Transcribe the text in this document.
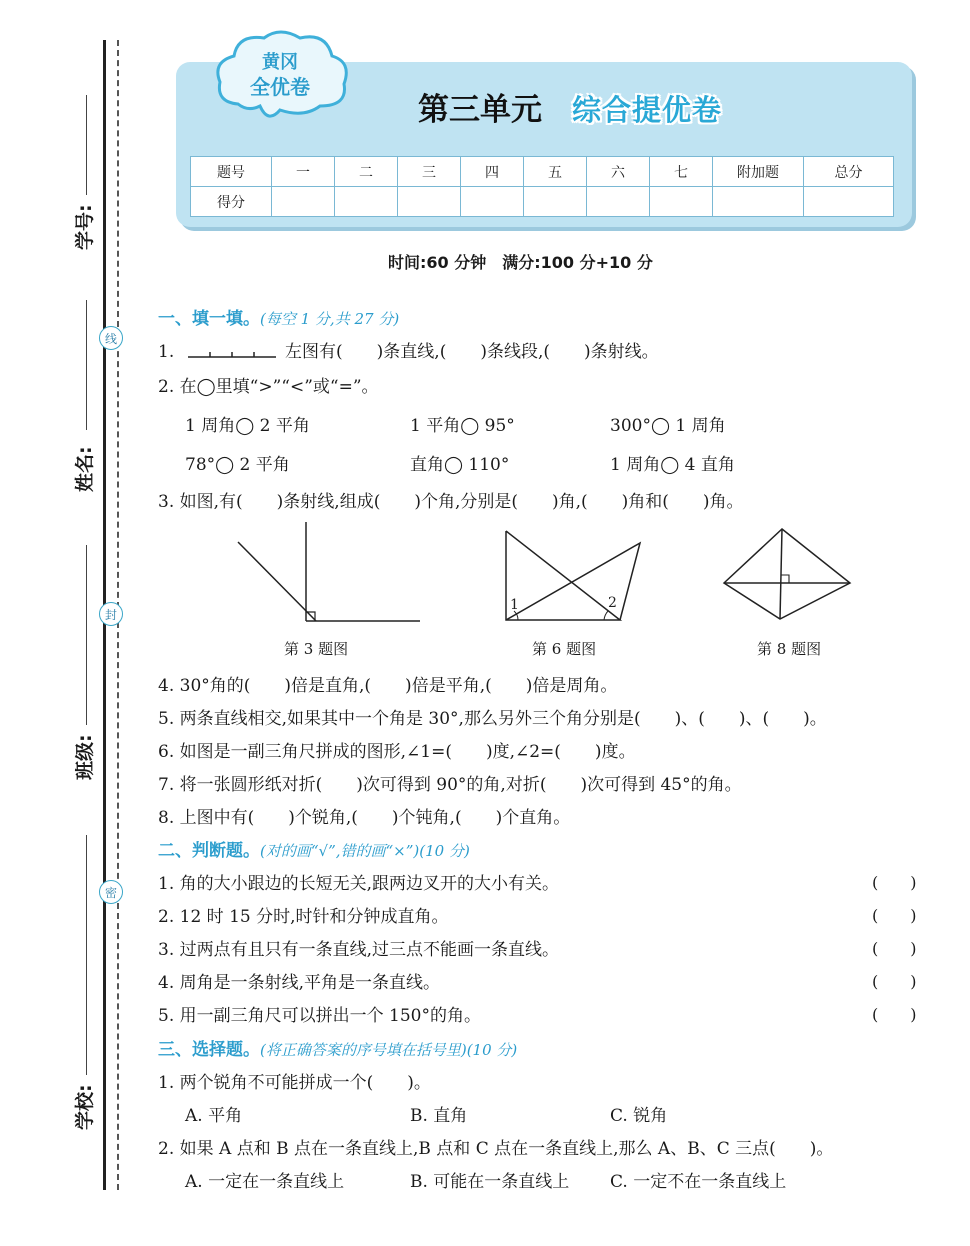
线
封
密
学号:
姓名:
班级:
学校:
黄冈
全优卷
第三单元 综合提优卷
题号	一	二	三	四	五	六	七	附加题	总分
得分									
时间:60 分钟　满分:100 分+10 分
一、填一填。(每空 1 分,共 27 分)
1.	左图有(　　)条直线,(　　)条线段,(　　)条射线。
2. 在◯里填“>”“<”或“=”。
1 周角◯ 2 平角	1 平角◯ 95°	300°◯ 1 周角
78°◯ 2 平角	直角◯ 110°	1 周角◯ 4 直角
3. 如图,有(　　)条射线,组成(　　)个角,分别是(　　)角,(　　)角和(　　)角。
第 3 题图
1	2
第 6 题图	第 8 题图
4. 30°角的(　　)倍是直角,(　　)倍是平角,(　　)倍是周角。
5. 两条直线相交,如果其中一个角是 30°,那么另外三个角分别是(　　)、(　　)、(　　)。
6. 如图是一副三角尺拼成的图形,∠1=(　　)度,∠2=(　　)度。
7. 将一张圆形纸对折(　　)次可得到 90°的角,对折(　　)次可得到 45°的角。
8. 上图中有(　　)个锐角,(　　)个钝角,(　　)个直角。
二、判断题。(对的画“√”,错的画“×”)(10 分)
1. 角的大小跟边的长短无关,跟两边叉开的大小有关。	(　　)
2. 12 时 15 分时,时针和分钟成直角。	(　　)
3. 过两点有且只有一条直线,过三点不能画一条直线。	(　　)
4. 周角是一条射线,平角是一条直线。	(　　)
5. 用一副三角尺可以拼出一个 150°的角。	(　　)
三、选择题。(将正确答案的序号填在括号里)(10 分)
1. 两个锐角不可能拼成一个(　　)。
A. 平角	B. 直角	C. 锐角
2. 如果 A 点和 B 点在一条直线上,B 点和 C 点在一条直线上,那么 A、B、C 三点(　　)。
A. 一定在一条直线上	B. 可能在一条直线上 C. 一定不在一条直线上
